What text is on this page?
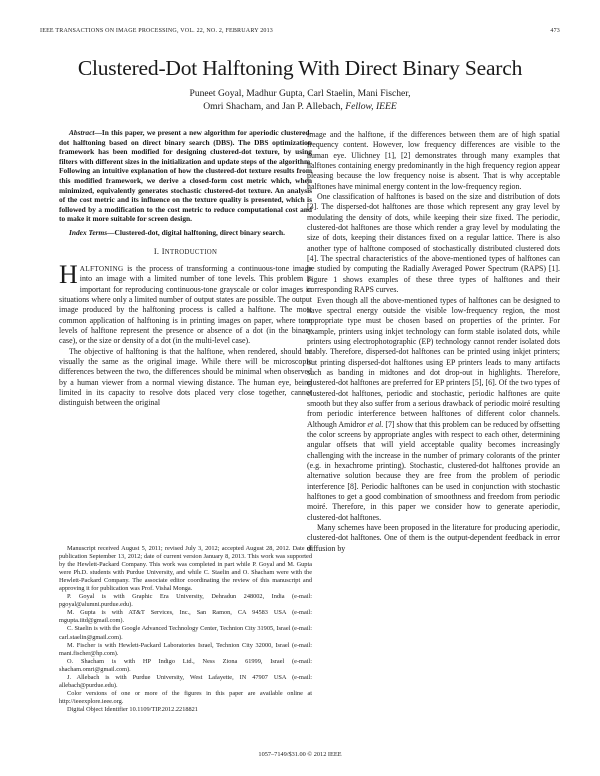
IEEE TRANSACTIONS ON IMAGE PROCESSING, VOL. 22, NO. 2, FEBRUARY 2013	473
Clustered-Dot Halftoning With Direct Binary Search
Puneet Goyal, Madhur Gupta, Carl Staelin, Mani Fischer,
Omri Shacham, and Jan P. Allebach, Fellow, IEEE

Abstract—In this paper, we present a new algorithm for aperiodic clustered-dot halftoning based on direct binary search (DBS). The DBS optimization framework has been modified for designing clustered-dot texture, by using filters with different sizes in the initialization and update steps of the algorithm. Following an intuitive explanation of how the clustered-dot texture results from this modified framework, we derive a closed-form cost metric which, when minimized, equivalently generates stochastic clustered-dot texture. An analysis of the cost metric and its influence on the texture quality is presented, which is followed by a modification to the cost metric to reduce computational cost and to make it more suitable for screen design.

Index Terms—Clustered-dot, digital halftoning, direct binary search.

I. INTRODUCTION

HALFTONING is the process of transforming a continuous-tone image into an image with a limited number of tone levels. This problem is important for reproducing continuous-tone grayscale or color images in situations where only a limited number of output states are possible. The output image produced by the halftoning process is called a halftone. The most common application of halftoning is in printing images on paper, where tone levels of halftone represent the presence or absence of a dot (in the binary case), or the size or density of a dot (in the multi-level case).

The objective of halftoning is that the halftone, when rendered, should be visually the same as the original image. While there will be microscopic differences between the two, the differences should be minimal when observed by a human viewer from a normal viewing distance. The human eye, being limited in its capacity to resolve dots placed very close together, cannot distinguish between the original

Manuscript received August 5, 2011; revised July 3, 2012; accepted August 28, 2012. Date of publication September 13, 2012; date of current version January 8, 2013. This work was supported by the Hewlett-Packard Company. This work was completed in part while P. Goyal and M. Gupta were Ph.D. students with Purdue University, and while C. Staelin and O. Shacham were with the Hewlett-Packard Company. The associate editor coordinating the review of this manuscript and approving it for publication was Prof. Vishal Monga.

P. Goyal is with Graphic Era University, Dehradun 248002, India (e-mail: pgoyal@alumni.purdue.edu).

M. Gupta is with AT&T Services, Inc., San Ramon, CA 94583 USA (e-mail: mgupta.iitd@gmail.com).

C. Staelin is with the Google Advanced Technology Center, Technion City 31905, Israel (e-mail: carl.staelin@gmail.com).

M. Fischer is with Hewlett-Packard Laboratories Israel, Technion City 32000, Israel (e-mail: mani.fischer@hp.com).

O. Shacham is with HP Indigo Ltd., Ness Ziona 61999, Israel (e-mail: shacham.omri@gmail.com).

J. Allebach is with Purdue University, West Lafayette, IN 47907 USA (e-mail: allebach@purdue.edu).

Color versions of one or more of the figures in this paper are available online at http://ieeexplore.ieee.org.

Digital Object Identifier 10.1109/TIP.2012.2218821

image and the halftone, if the differences between them are of high spatial frequency content. However, low frequency differences are visible to the human eye. Ulichney [1], [2] demonstrates through many examples that halftones containing energy predominantly in the high frequency region appear pleasing because the low frequency noise is absent. That is why acceptable halftones have minimal energy content in the low-frequency region.

One classification of halftones is based on the size and distribution of dots [3]. The dispersed-dot halftones are those which represent any gray level by modulating the density of dots, while keeping their size fixed. The periodic, clustered-dot halftones are those which render a gray level by modulating the size of dots, keeping their distances fixed on a regular lattice. There is also another type of halftone composed of stochastically distributed clustered dots [4]. The spectral characteristics of the above-mentioned types of halftones can be studied by computing the Radially Averaged Power Spectrum (RAPS) [1]. Figure 1 shows examples of these three types of halftones and their corresponding RAPS curves.

Even though all the above-mentioned types of halftones can be designed to have spectral energy outside the visible low-frequency region, the most appropriate type must be chosen based on properties of the printer. For example, printers using inkjet technology can form stable isolated dots, while printers using electrophotographic (EP) technology cannot render isolated dots stably. Therefore, dispersed-dot halftones can be printed using inkjet printers; but printing dispersed-dot halftones using EP printers leads to many artifacts such as banding in midtones and dot drop-out in highlights. Therefore, clustered-dot halftones are preferred for EP printers [5], [6]. Of the two types of clustered-dot halftones, periodic and stochastic, periodic halftones are quite smooth but they also suffer from a serious drawback of periodic moiré resulting from periodic interference between halftones of different color channels. Although Amidror et al. [7] show that this problem can be reduced by offsetting the color screens by appropriate angles with respect to each other, determining angular offsets that will yield acceptable quality becomes increasingly challenging with the increase in the number of primary colorants of the printer (e.g. in hexachrome printing). Stochastic, clustered-dot halftones provide an alternative solution because they are free from the problem of periodic interference [8]. Periodic halftones can be used in conjunction with stochastic halftones to get a good combination of smoothness and freedom from periodic moiré. Therefore, in this paper we consider how to generate aperiodic, clustered-dot halftones.

Many schemes have been proposed in the literature for producing aperiodic, clustered-dot halftones. One of them is the output-dependent feedback in error diffusion by

1057–7149/$31.00 © 2012 IEEE
